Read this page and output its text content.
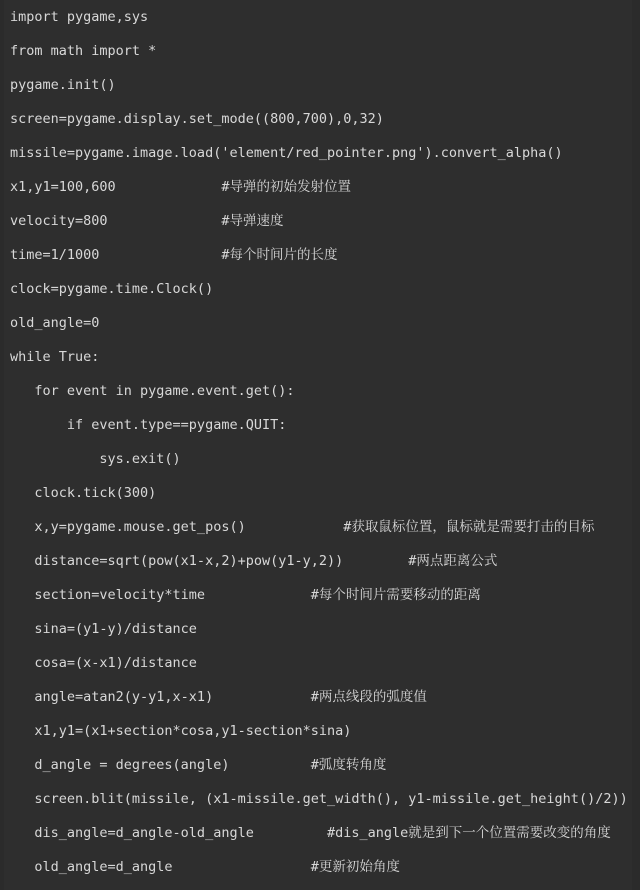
import pygame,sys
from math import *
pygame.init()
screen=pygame.display.set_mode((800,700),0,32)
missile=pygame.image.load('element/red_pointer.png').convert_alpha()
x1,y1=100,600             #导弹的初始发射位置
velocity=800              #导弹速度
time=1/1000               #每个时间片的长度
clock=pygame.time.Clock()
old_angle=0
while True:
for event in pygame.event.get():
if event.type==pygame.QUIT:
sys.exit()
clock.tick(300)
x,y=pygame.mouse.get_pos()            #获取鼠标位置，鼠标就是需要打击的目标
distance=sqrt(pow(x1-x,2)+pow(y1-y,2))        #两点距离公式
section=velocity*time             #每个时间片需要移动的距离
sina=(y1-y)/distance
cosa=(x-x1)/distance
angle=atan2(y-y1,x-x1)            #两点线段的弧度值
x1,y1=(x1+section*cosa,y1-section*sina)
d_angle = degrees(angle)          #弧度转角度
screen.blit(missile, (x1-missile.get_width(), y1-missile.get_height()/2))
dis_angle=d_angle-old_angle         #dis_angle就是到下一个位置需要改变的角度
old_angle=d_angle                 #更新初始角度
